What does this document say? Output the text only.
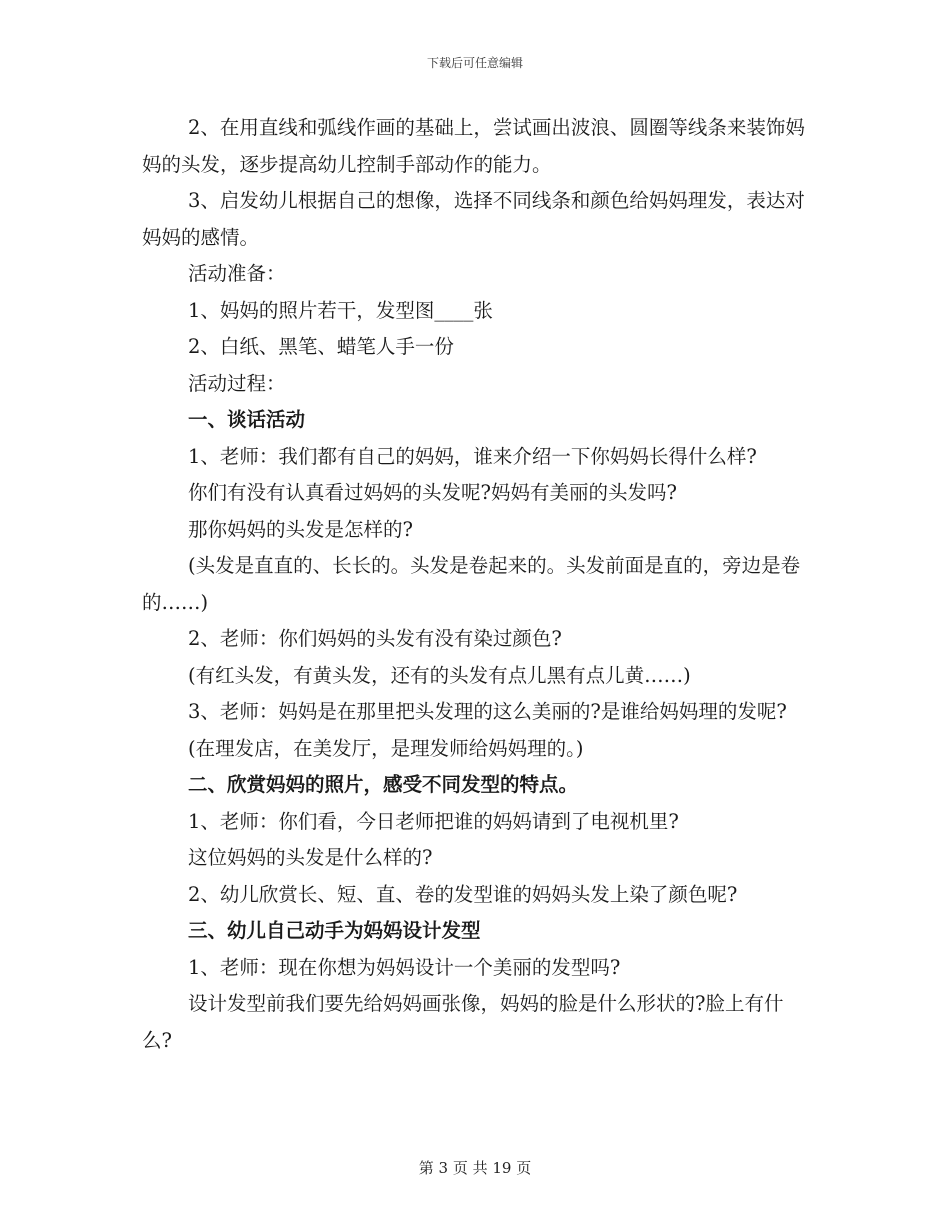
下载后可任意编辑

2、在用直线和弧线作画的基础上，尝试画出波浪、圆圈等线条来装饰妈妈的头发，逐步提高幼儿控制手部动作的能力。

3、启发幼儿根据自己的想像，选择不同线条和颜色给妈妈理发，表达对妈妈的感情。

活动准备：

1、妈妈的照片若干，发型图____张

2、白纸、黑笔、蜡笔人手一份

活动过程：

一、谈话活动

1、老师：我们都有自己的妈妈，谁来介绍一下你妈妈长得什么样?

你们有没有认真看过妈妈的头发呢?妈妈有美丽的头发吗?

那你妈妈的头发是怎样的?

(头发是直直的、长长的。头发是卷起来的。头发前面是直的，旁边是卷的……)

2、老师：你们妈妈的头发有没有染过颜色?

(有红头发，有黄头发，还有的头发有点儿黑有点儿黄……)

3、老师：妈妈是在那里把头发理的这么美丽的?是谁给妈妈理的发呢?

(在理发店，在美发厅，是理发师给妈妈理的。)

二、欣赏妈妈的照片，感受不同发型的特点。

1、老师：你们看，今日老师把谁的妈妈请到了电视机里?

这位妈妈的头发是什么样的?

2、幼儿欣赏长、短、直、卷的发型谁的妈妈头发上染了颜色呢?

三、幼儿自己动手为妈妈设计发型

1、老师：现在你想为妈妈设计一个美丽的发型吗?

设计发型前我们要先给妈妈画张像，妈妈的脸是什么形状的?脸上有什么?

第 3 页 共 19 页
